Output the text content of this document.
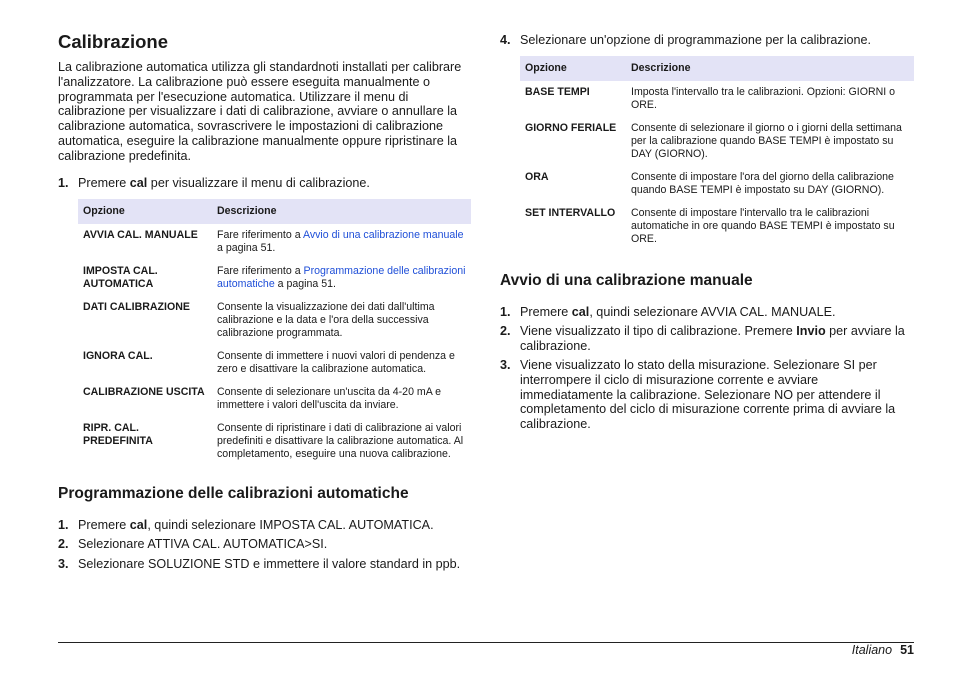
Calibrazione

La calibrazione automatica utilizza gli standardnoti installati per calibrare l'analizzatore. La calibrazione può essere eseguita manualmente o programmata per l'esecuzione automatica. Utilizzare il menu di calibrazione per visualizzare i dati di calibrazione, avviare o annullare la calibrazione automatica, sovrascrivere le impostazioni di calibrazione automatica, eseguire la calibrazione manualmente oppure ripristinare la calibrazione predefinita.

1. Premere cal per visualizzare il menu di calibrazione.
Opzione	Descrizione
AVVIA CAL. MANUALE	Fare riferimento a Avvio di una calibrazione manuale a pagina 51.
IMPOSTA CAL. AUTOMATICA	Fare riferimento a Programmazione delle calibrazioni automatiche a pagina 51.
DATI CALIBRAZIONE	Consente la visualizzazione dei dati dall'ultima calibrazione e la data e l'ora della successiva calibrazione programmata.
IGNORA CAL.	Consente di immettere i nuovi valori di pendenza e zero e disattivare la calibrazione automatica.
CALIBRAZIONE USCITA	Consente di selezionare un'uscita da 4-20 mA e immettere i valori dell'uscita da inviare.
RIPR. CAL. PREDEFINITA	Consente di ripristinare i dati di calibrazione ai valori predefiniti e disattivare la calibrazione automatica. Al completamento, eseguire una nuova calibrazione.
Programmazione delle calibrazioni automatiche
1. Premere cal, quindi selezionare IMPOSTA CAL. AUTOMATICA.
2. Selezionare ATTIVA CAL. AUTOMATICA>SI.
3. Selezionare SOLUZIONE STD e immettere il valore standard in ppb.
4. Selezionare un'opzione di programmazione per la calibrazione.
Opzione	Descrizione
BASE TEMPI	Imposta l'intervallo tra le calibrazioni. Opzioni: GIORNI o ORE.
GIORNO FERIALE	Consente di selezionare il giorno o i giorni della settimana per la calibrazione quando BASE TEMPI è impostato su DAY (GIORNO).
ORA	Consente di impostare l'ora del giorno della calibrazione quando BASE TEMPI è impostato su DAY (GIORNO).
SET INTERVALLO	Consente di impostare l'intervallo tra le calibrazioni automatiche in ore quando BASE TEMPI è impostato su ORE.
Avvio di una calibrazione manuale
1. Premere cal, quindi selezionare AVVIA CAL. MANUALE.
2. Viene visualizzato il tipo di calibrazione. Premere Invio per avviare la calibrazione.
3. Viene visualizzato lo stato della misurazione. Selezionare SI per interrompere il ciclo di misurazione corrente e avviare immediatamente la calibrazione. Selezionare NO per attendere il completamento del ciclo di misurazione corrente prima di avviare la calibrazione.
Italiano 51
